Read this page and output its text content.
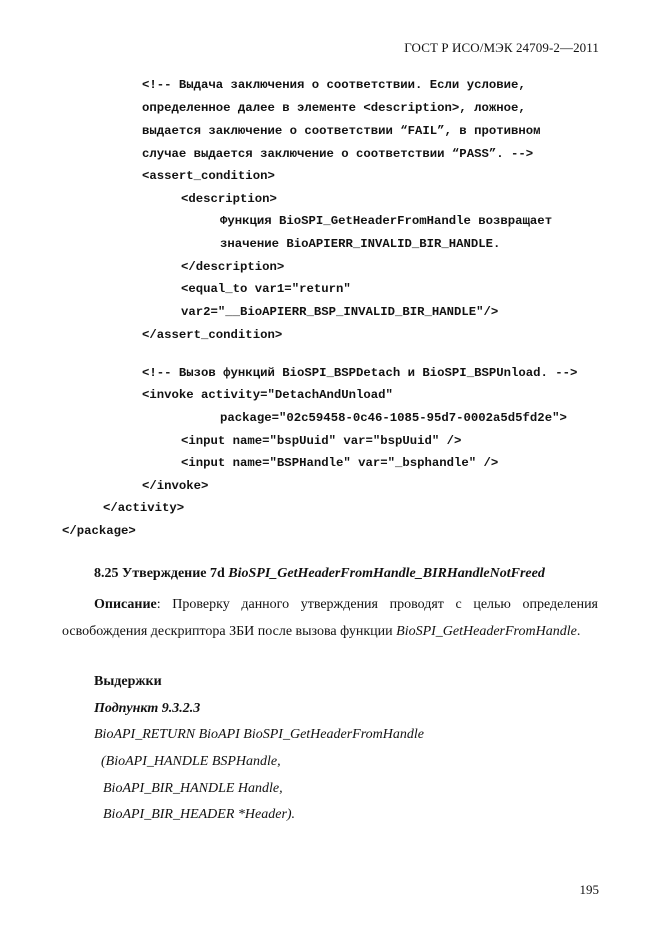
ГОСТ Р ИСО/МЭК 24709-2—2011
<!-- Выдача заключения о соответствии. Если условие,
определенное далее в элементе <description>, ложное,
выдается заключение о соответствии “FAIL”, в противном
случае выдается заключение о соответствии “PASS”. -->
<assert_condition>
<description>
Функция BioSPI_GetHeaderFromHandle возвращает
значение BioAPIERR_INVALID_BIR_HANDLE.
</description>
<equal_to var1="return"
var2="__BioAPIERR_BSP_INVALID_BIR_HANDLE"/>
</assert_condition>
<!-- Вызов функций BioSPI_BSPDetach и BioSPI_BSPUnload. -->
<invoke activity="DetachAndUnload"
package="02c59458-0c46-1085-95d7-0002a5d5fd2e">
<input name="bspUuid" var="bspUuid" />
<input name="BSPHandle" var="_bsphandle" />
</invoke>
</activity>
</package>
8.25 Утверждение 7d BioSPI_GetHeaderFromHandle_BIRHandleNotFreed
Описание: Проверку данного утверждения проводят с целью определения освобождения дескриптора ЗБИ после вызова функции BioSPI_GetHeaderFromHandle.
Выдержки
Подпункт 9.3.2.3
BioAPI_RETURN BioAPI BioSPI_GetHeaderFromHandle
(BioAPI_HANDLE BSPHandle,
BioAPI_BIR_HANDLE Handle,
BioAPI_BIR_HEADER *Header).
195
